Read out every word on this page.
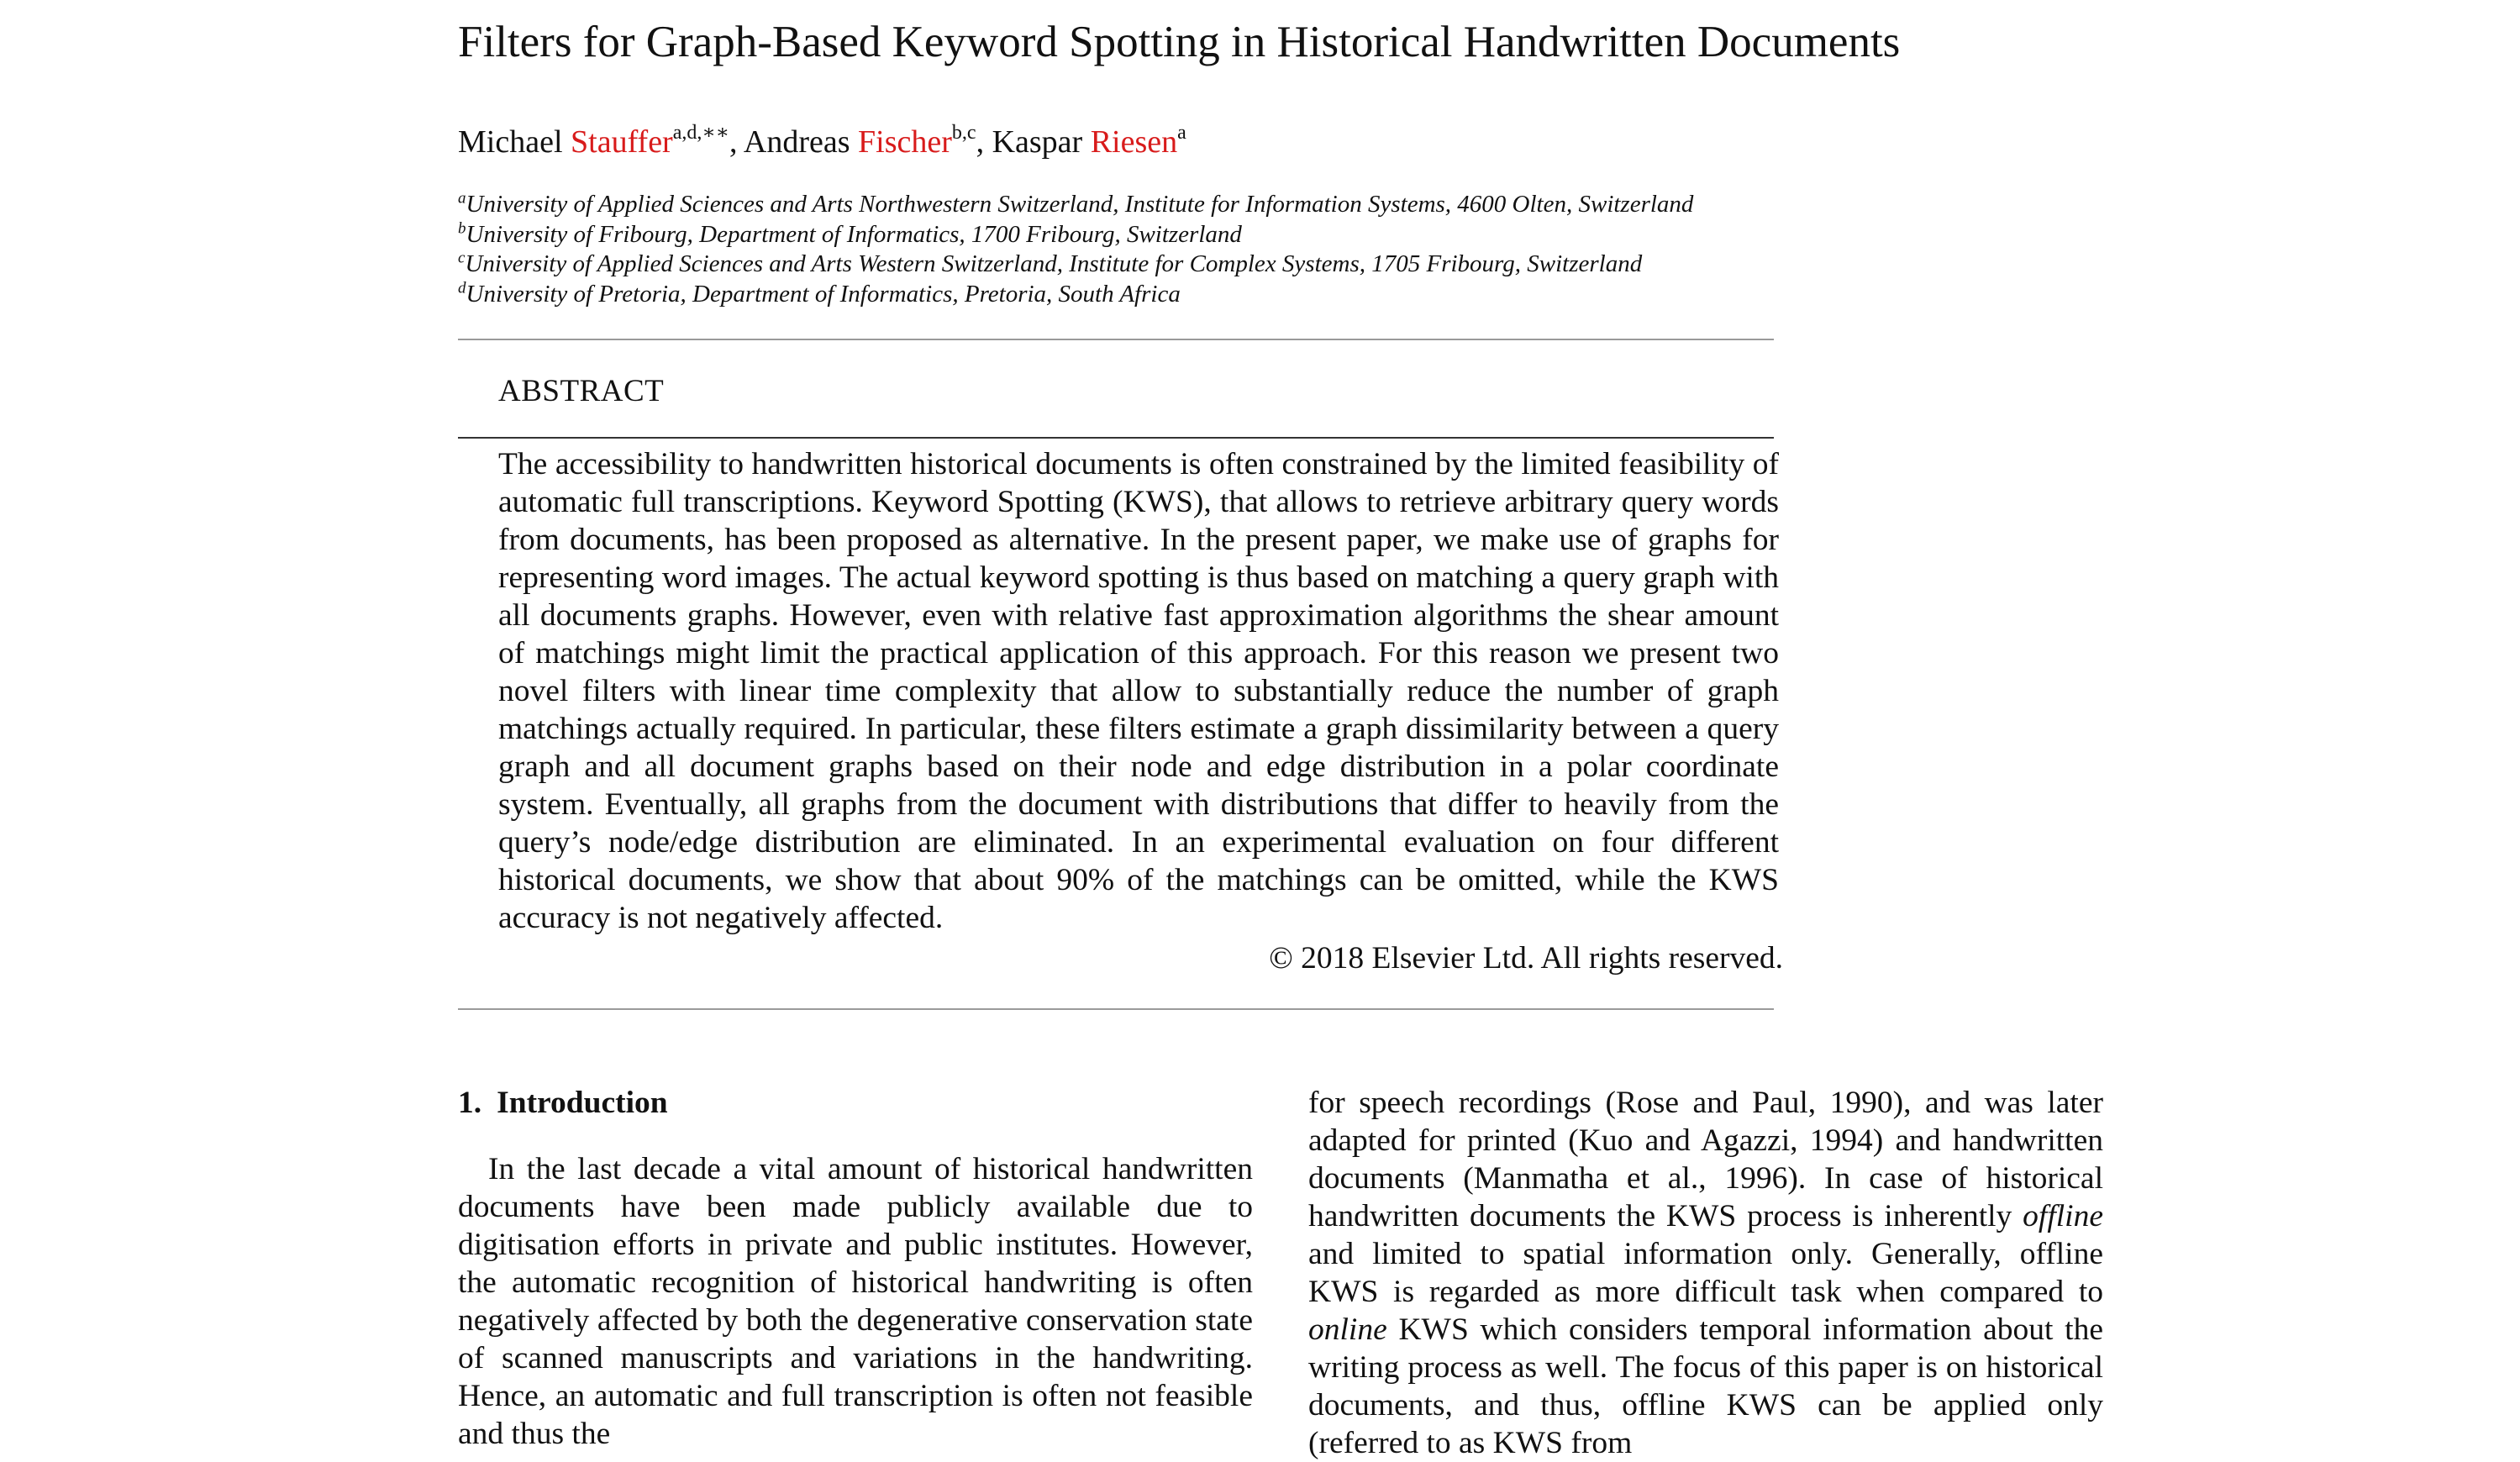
Filters for Graph-Based Keyword Spotting in Historical Handwritten Documents
Michael Stauffer$^{a,d,∗∗}$, Andreas Fischer$^{b,c}$, Kaspar Riesen$^a$
$^a$University of Applied Sciences and Arts Northwestern Switzerland, Institute for Information Systems, 4600 Olten, Switzerland
$^b$University of Fribourg, Department of Informatics, 1700 Fribourg, Switzerland
$^c$University of Applied Sciences and Arts Western Switzerland, Institute for Complex Systems, 1705 Fribourg, Switzerland
$^d$University of Pretoria, Department of Informatics, Pretoria, South Africa
ABSTRACT

The accessibility to handwritten historical documents is often constrained by the limited feasibility of automatic full transcriptions. Keyword Spotting (KWS), that allows to retrieve arbitrary query words from documents, has been proposed as alternative. In the present paper, we make use of graphs for representing word images. The actual keyword spotting is thus based on matching a query graph with all documents graphs. However, even with relative fast approximation algorithms the shear amount of matchings might limit the practical application of this approach. For this reason we present two novel filters with linear time complexity that allow to substantially reduce the number of graph matchings actually required. In particular, these filters estimate a graph dissimilarity between a query graph and all document graphs based on their node and edge distribution in a polar coordinate system. Eventually, all graphs from the document with distributions that differ to heavily from the query’s node/edge distribution are eliminated. In an experimental evaluation on four different historical documents, we show that about 90% of the matchings can be omitted, while the KWS accuracy is not negatively affected.

© 2018 Elsevier Ltd. All rights reserved.
1. Introduction

In the last decade a vital amount of historical handwritten documents have been made publicly available due to digitisation efforts in private and public institutes. However, the automatic recognition of historical handwriting is often negatively affected by both the degenerative conservation state of scanned manuscripts and variations in the handwriting. Hence, an automatic and full transcription is often not feasible and thus the

for speech recordings (Rose and Paul, 1990), and was later adapted for printed (Kuo and Agazzi, 1994) and handwritten documents (Manmatha et al., 1996). In case of historical handwritten documents the KWS process is inherently offline and limited to spatial information only. Generally, offline KWS is regarded as more difficult task when compared to online KWS which considers temporal information about the writing process as well. The focus of this paper is on historical documents, and thus, offline KWS can be applied only (referred to as KWS from
